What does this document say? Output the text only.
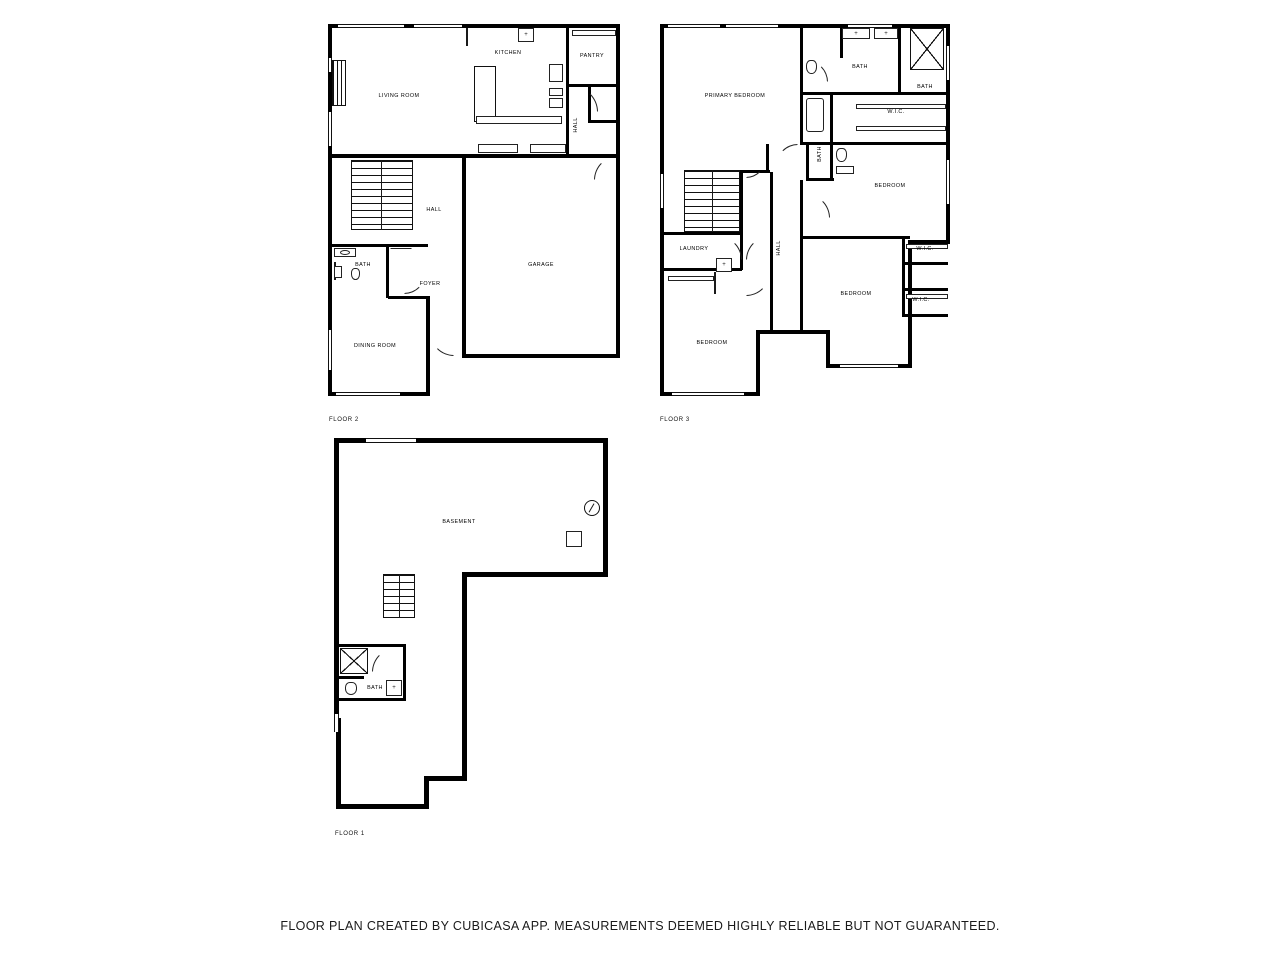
+
LIVING ROOM
KITCHEN	PANTRY
HALL
HALL
GARAGE
BATH
FOYER
DINING ROOM
FLOOR 2
+	+
+
PRIMARY BEDROOM
BATH
BATH
W.I.C.
BATH
BEDROOM
HALL
LAUNDRY	W.I.C.
BEDROOM
W.I.C.
BEDROOM
FLOOR 3
+
BASEMENT
BATH
FLOOR 1
FLOOR PLAN CREATED BY CUBICASA APP. MEASUREMENTS DEEMED HIGHLY RELIABLE BUT NOT GUARANTEED.
